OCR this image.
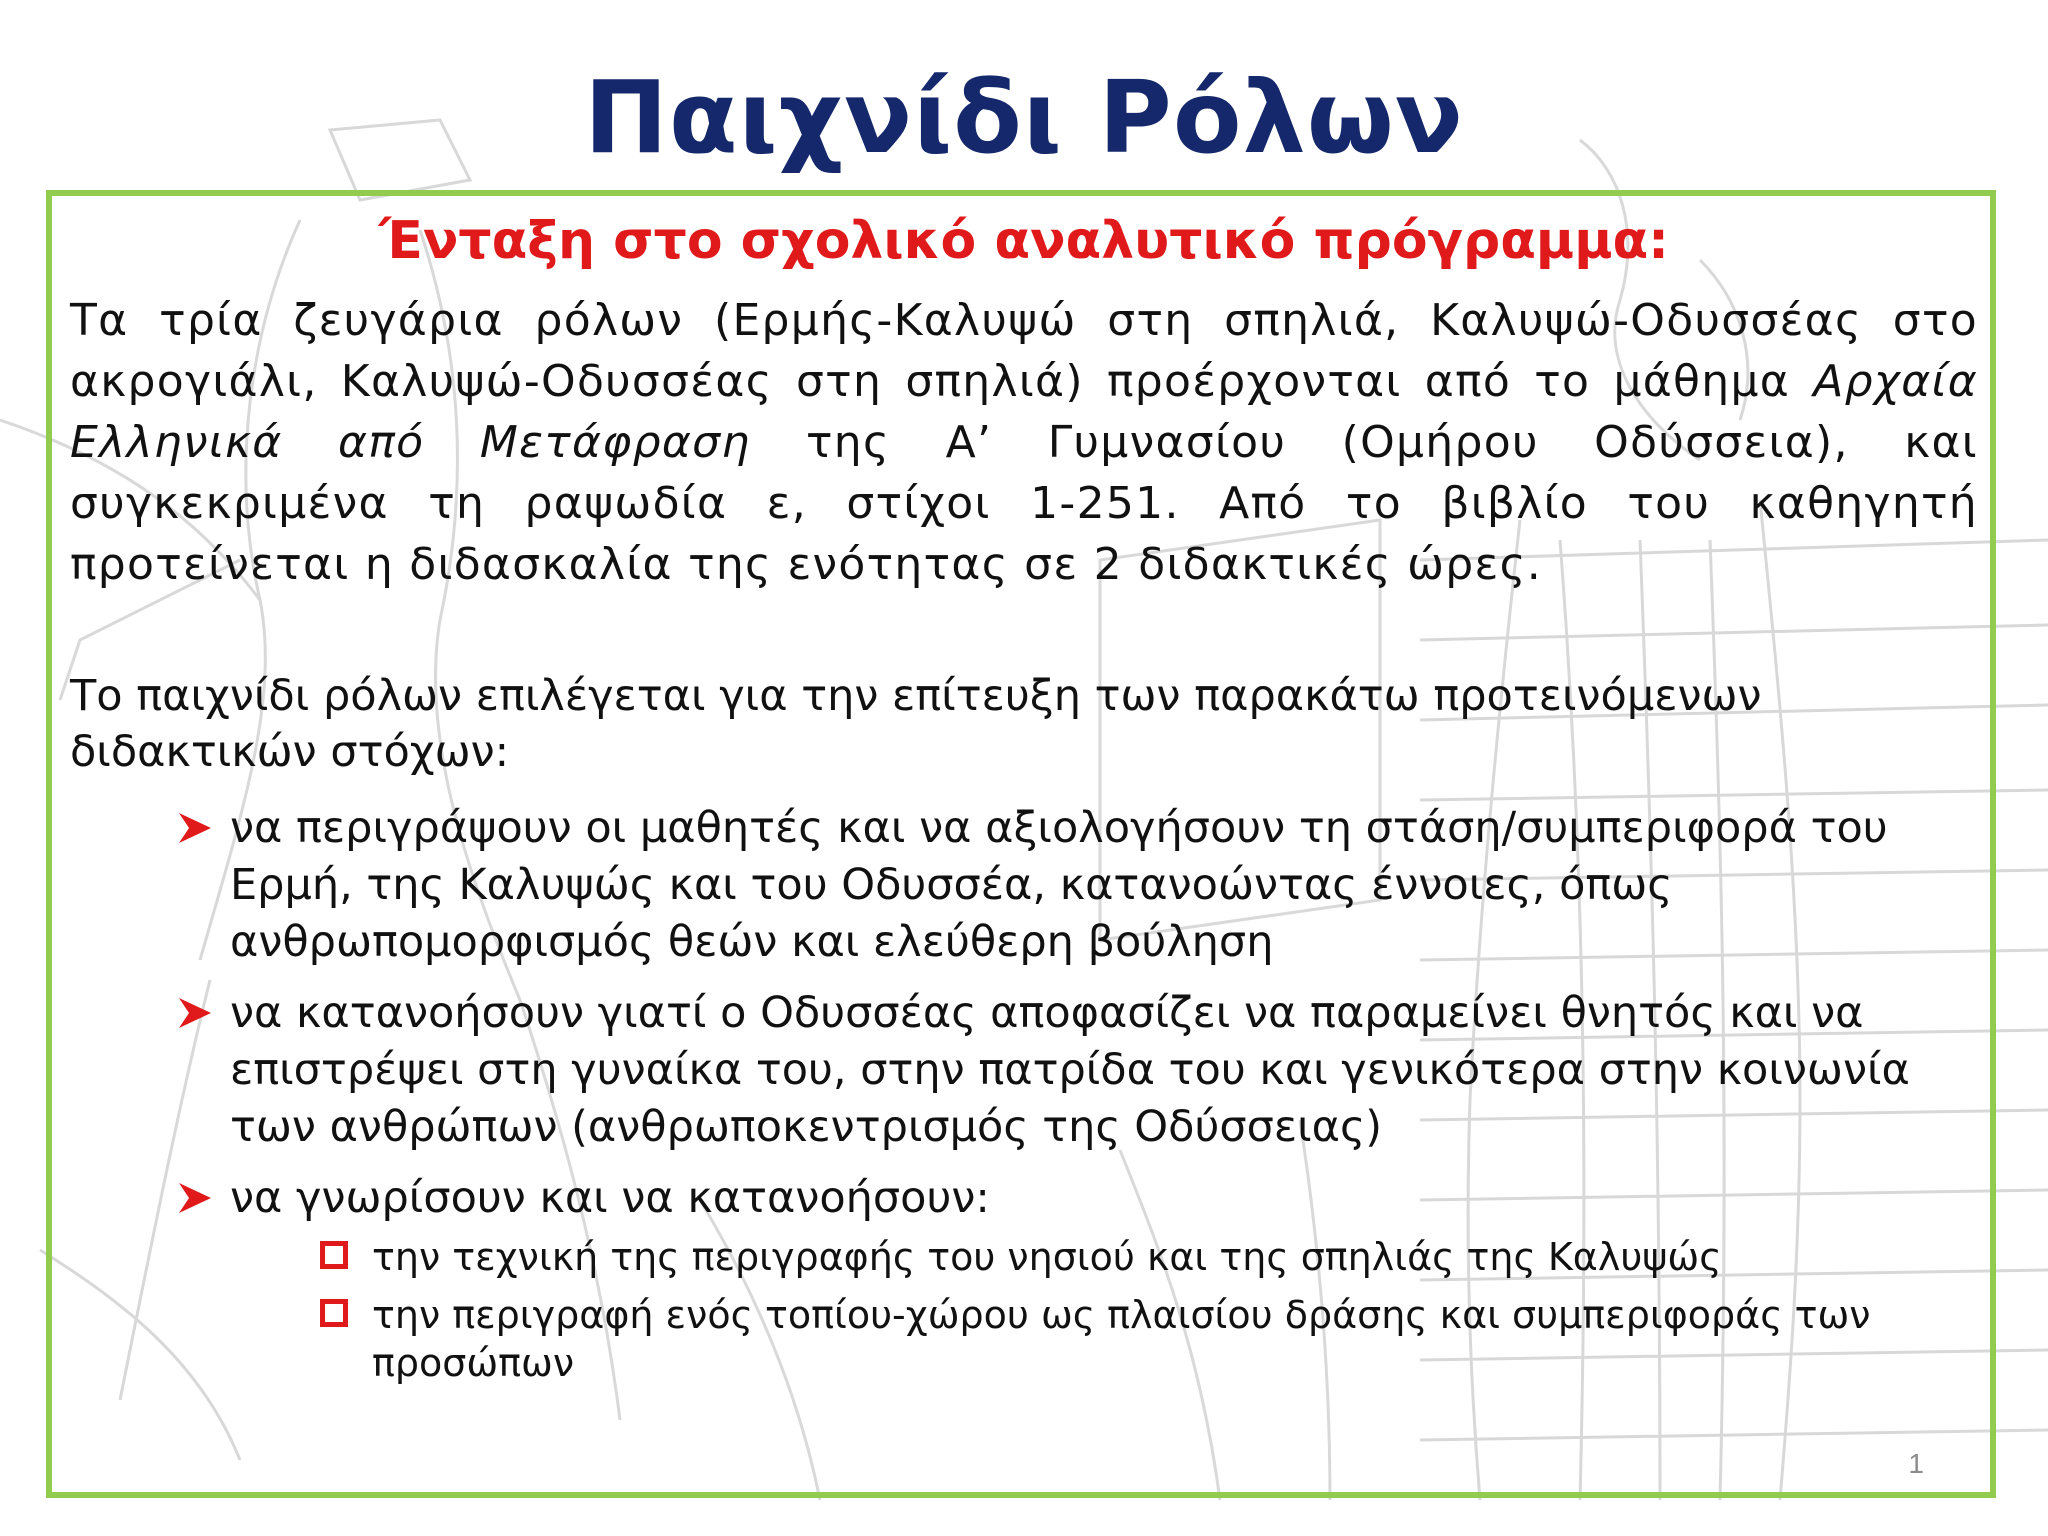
Παιχνίδι Ρόλων
Ένταξη στο σχολικό αναλυτικό πρόγραμμα:
Τα τρία ζευγάρια ρόλων (Ερμής-Καλυψώ στη σπηλιά, Καλυψώ-Οδυσσέας στο ακρογιάλι, Καλυψώ-Οδυσσέας στη σπηλιά) προέρχονται από το μάθημα Αρχαία Ελληνικά από Μετάφραση της Α’ Γυμνασίου (Ομήρου Οδύσσεια), και συγκεκριμένα τη ραψωδία ε, στίχοι 1-251. Από το βιβλίο του καθηγητή προτείνεται η διδασκαλία της ενότητας σε 2 διδακτικές ώρες.
Το παιχνίδι ρόλων επιλέγεται για την επίτευξη των παρακάτω προτεινόμενων διδακτικών στόχων:
να περιγράψουν οι μαθητές και να αξιολογήσουν τη στάση/συμπεριφορά του Ερμή, της Καλυψώς και του Οδυσσέα, κατανοώντας έννοιες, όπως ανθρωπομορφισμός θεών και ελεύθερη βούληση
να κατανοήσουν γιατί ο Οδυσσέας αποφασίζει να παραμείνει θνητός και να επιστρέψει στη γυναίκα του, στην πατρίδα του και γενικότερα στην κοινωνία των ανθρώπων (ανθρωποκεντρισμός της Οδύσσειας)
να γνωρίσουν και να κατανοήσουν:
την τεχνική της περιγραφής του νησιού και της σπηλιάς της Καλυψώς
την περιγραφή ενός τοπίου-χώρου ως πλαισίου δράσης και συμπεριφοράς των προσώπων
1
